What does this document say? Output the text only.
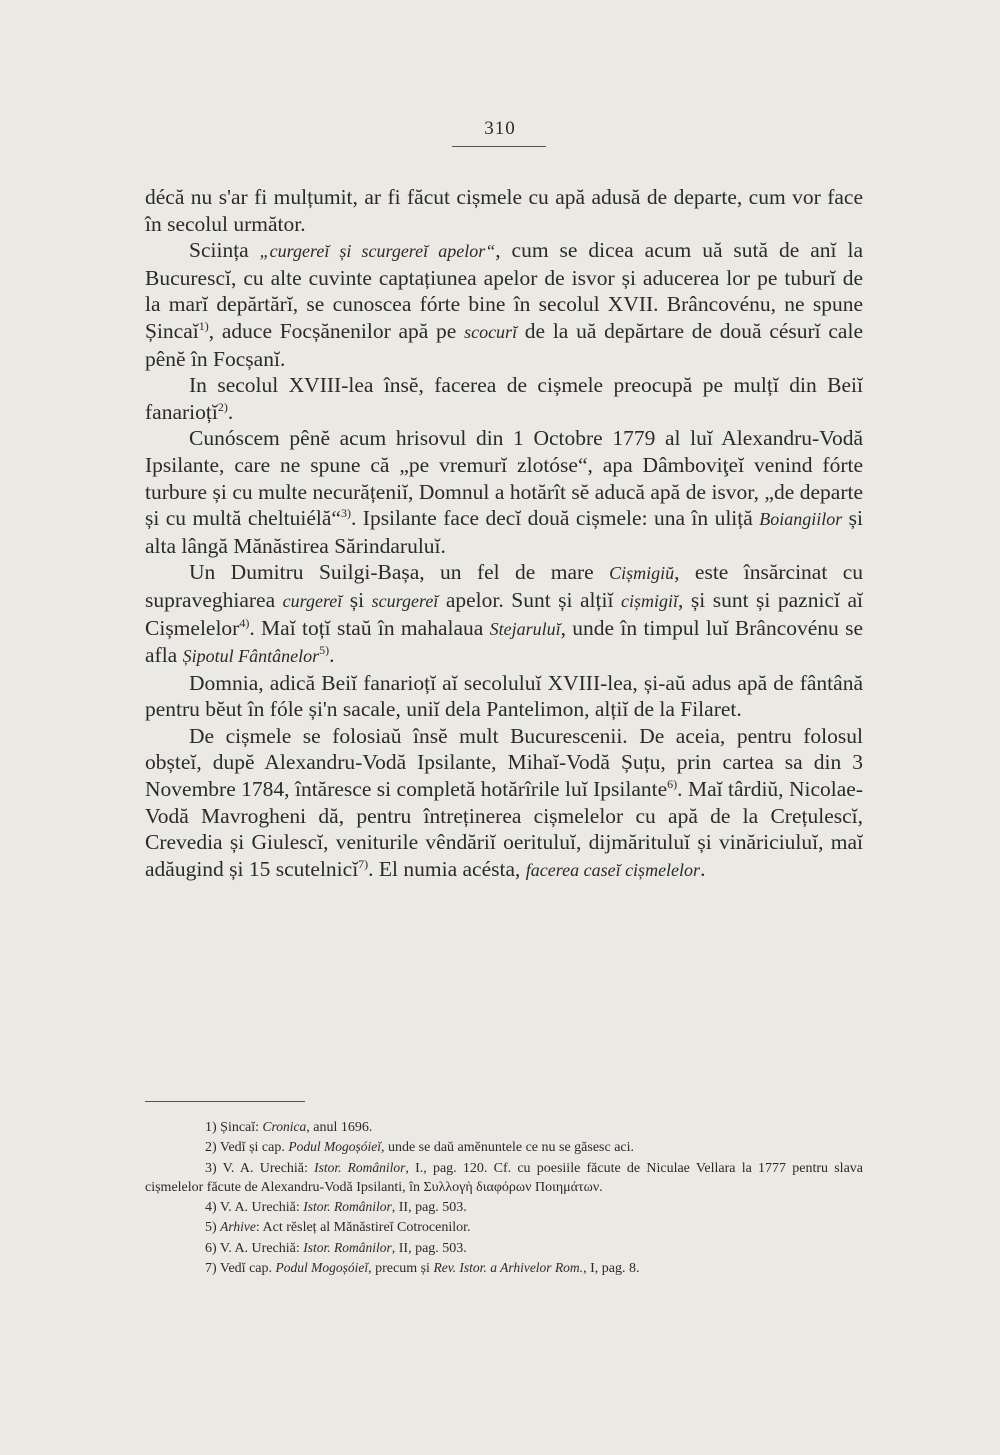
310

décă nu s'ar fi mulțumit, ar fi făcut cișmele cu apă adusă de departe, cum vor face în secolul următor.

Sciința „curgereĭ și scurgereĭ apelor“, cum se dicea acum uă sută de anĭ la Bucurescĭ, cu alte cuvinte captațiunea apelor de isvor și aducerea lor pe tuburĭ de la marĭ depărtărĭ, se cunoscea fórte bine în secolul XVII. Brâncovénu, ne spune Șincaĭ$^{1)}$, aduce Focșănenilor apă pe scocurĭ de la uă depărtare de două césurĭ cale pênĕ în Focșanĭ.

In secolul XVIII-lea însĕ, facerea de cișmele preocupă pe mulțĭ din Beiĭ fanarioțĭ$^{2)}$.

Cunóscem pênĕ acum hrisovul din 1 Octobre 1779 al luĭ Alexandru-Vodă Ipsilante, care ne spune că „pe vremurĭ zlotóse“, apa Dâmboviţeĭ venind fórte turbure și cu multe necurățeniĭ, Domnul a hotărît sĕ aducă apă de isvor, „de departe și cu multă cheltuiélă“$^{3)}$. Ipsilante face decĭ două cișmele: una în uliță Boiangiilor și alta lângă Mănăstirea Sărindaruluĭ.

Un Dumitru Suilgi-Bașa, un fel de mare Cișmigiŭ, este însărcinat cu supraveghiarea curgereĭ și scurgereĭ apelor. Sunt și alțiĭ cișmigiĭ, și sunt și paznicĭ aĭ Cișmelelor$^{4)}$. Maĭ toțĭ staŭ în mahalaua Stejaruluĭ, unde în timpul luĭ Brâncovénu se afla Șipotul Fântânelor$^{5)}$.

Domnia, adică Beiĭ fanarioțĭ aĭ secoluluĭ XVIII-lea, și-aŭ adus apă de fântână pentru bĕut în fóle și'n sacale, uniĭ dela Pantelimon, alțiĭ de la Filaret.

De cișmele se folosiaŭ însĕ mult Bucurescenii. De aceia, pentru folosul obșteĭ, dupĕ Alexandru-Vodă Ipsilante, Mihaĭ-Vodă Șuțu, prin cartea sa din 3 Novembre 1784, întăresce si completă hotărîrile luĭ Ipsilante$^{6)}$. Maĭ târdiŭ, Nicolae-Vodă Mavrogheni dă, pentru întreținerea cișmelelor cu apă de la Crețulescĭ, Crevedia și Giulescĭ, veniturile vêndăriĭ oerituluĭ, dijmărituluĭ și vinăriciuluĭ, maĭ adăugind și 15 scutelnicĭ$^{7)}$. El numia acésta, facerea caseĭ cișmelelor.

1) Șincaĭ: Cronica, anul 1696.

2) Vedĭ și cap. Podul Mogoșóieĭ, unde se daŭ amĕnuntele ce nu se găsesc aci.

3) V. A. Urechiă: Istor. Românilor, I., pag. 120. Cf. cu poesiile făcute de Niculae Vellara la 1777 pentru slava cișmelelor făcute de Alexandru-Vodă Ipsilanti, în Συλλογὴ διαφόρων Ποιημάτων.

4) V. A. Urechiă: Istor. Românilor, II, pag. 503.

5) Arhive: Act rĕsleț al Mănăstireĭ Cotrocenilor.

6) V. A. Urechiă: Istor. Românilor, II, pag. 503.

7) Vedĭ cap. Podul Mogoșóieĭ, precum și Rev. Istor. a Arhivelor Rom., I, pag. 8.
